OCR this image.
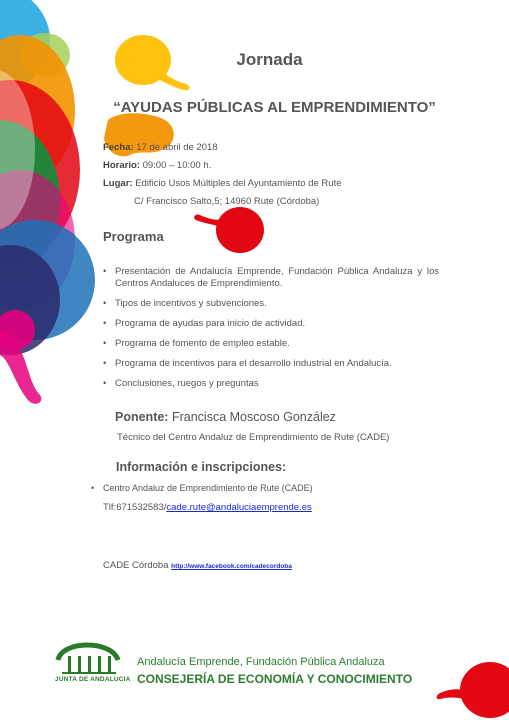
Jornada
“AYUDAS PÚBLICAS AL EMPRENDIMIENTO”
Fecha: 17 de abril de 2018
Horario: 09:00 – 10:00 h.
Lugar: Edificio Usos Múltiples del Ayuntamiento de Rute
C/ Francisco Salto,5; 14960 Rute (Córdoba)
Programa
• Presentación de Andalucía Emprende, Fundación Pública Andaluza y los Centros Andaluces de Emprendimiento.
• Tipos de incentivos y subvenciones.
• Programa de ayudas para inicio de actividad.
• Programa de fomento de empleo estable.
• Programa de incentivos para el desarrollo industrial en Andalucía.
• Conclusiones, ruegos y preguntas
Ponente: Francisca Moscoso González
Técnico del Centro Andaluz de Emprendimiento de Rute (CADE)
Información e inscripciones:
• Centro Andaluz de Emprendimiento de Rute (CADE)
Tlf:671532583/cade.rute@andaluciaemprende.es
CADE Córdoba http://www.facebook.com/cadecordoba
JUNTA DE ANDALUCIA
Andalucía Emprende, Fundación Pública Andaluza
CONSEJERÍA DE ECONOMÍA Y CONOCIMIENTO
